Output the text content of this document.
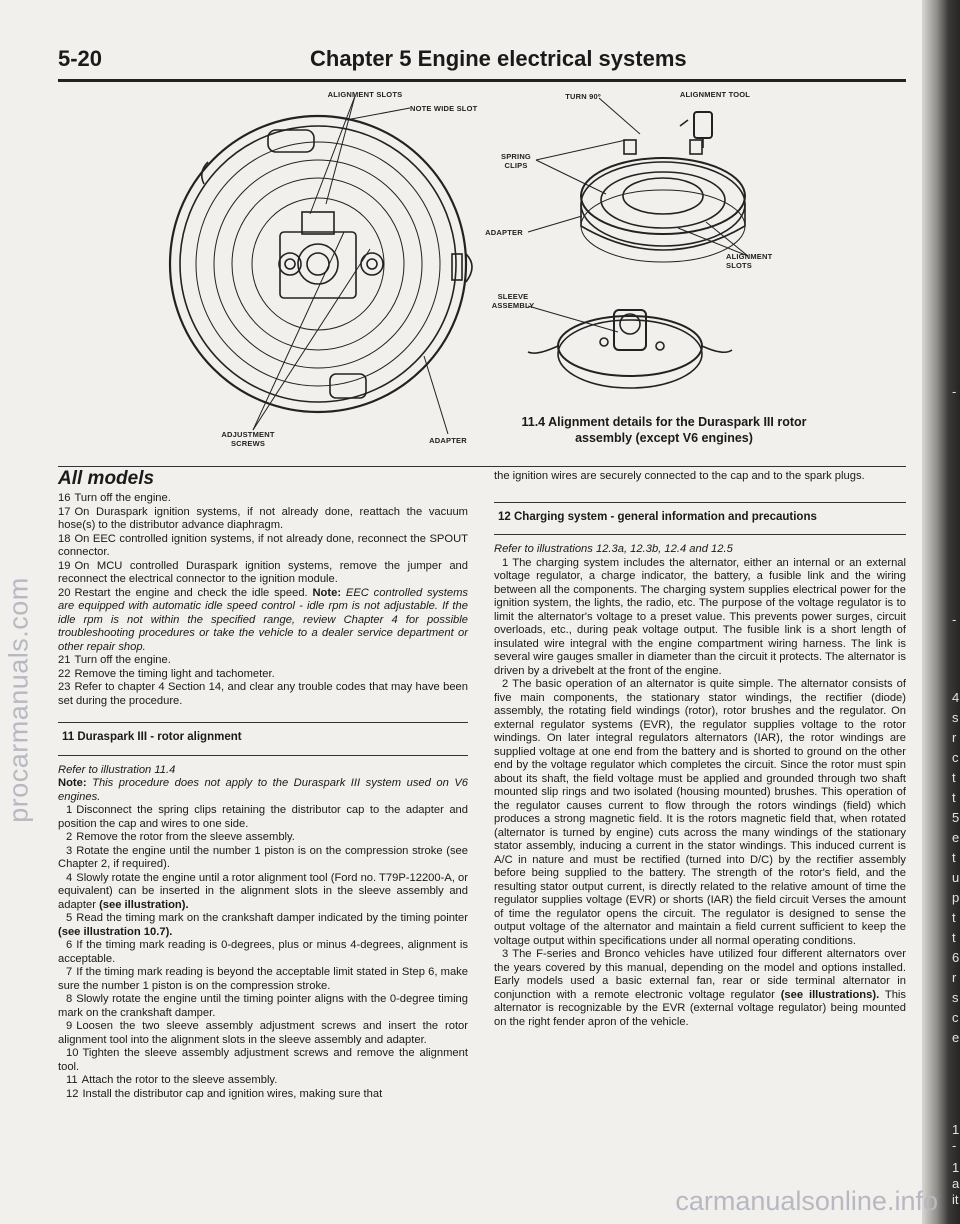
-
-
4
s
r
c
t
t
5
e
t
u
p
t
t
6
r
s
c
e
1
-
1
a
it
procarmanuals.com
carmanualsonline.info
5-20	Chapter 5 Engine electrical systems
ALIGNMENT SLOTS
NOTE WIDE SLOT
ADJUSTMENT
SCREWS	ADAPTER
TURN 90º	ALIGNMENT TOOL
SPRING
CLIPS
ADAPTER
ALIGNMENT
SLOTS
SLEEVE
ASSEMBLY
11.4 Alignment details for the Duraspark III rotor
assembly (except V6 engines)
All models

16 Turn off the engine.

17 On Duraspark ignition systems, if not already done, reattach the vacuum hose(s) to the distributor advance diaphragm.

18 On EEC controlled ignition systems, if not already done, reconnect the SPOUT connector.

19 On MCU controlled Duraspark ignition systems, remove the jumper and reconnect the electrical connector to the ignition module.

20 Restart the engine and check the idle speed. Note: EEC controlled systems are equipped with automatic idle speed control - idle rpm is not adjustable. If the idle rpm is not within the specified range, review Chapter 4 for possible troubleshooting procedures or take the vehicle to a dealer service department or other repair shop.

21 Turn off the engine.

22 Remove the timing light and tachometer.

23 Refer to chapter 4 Section 14, and clear any trouble codes that may have been set during the procedure.

11 Duraspark III - rotor alignment

Refer to illustration 11.4

Note: This procedure does not apply to the Duraspark III system used on V6 engines.

1 Disconnect the spring clips retaining the distributor cap to the adapter and position the cap and wires to one side.

2 Remove the rotor from the sleeve assembly.

3 Rotate the engine until the number 1 piston is on the compression stroke (see Chapter 2, if required).

4 Slowly rotate the engine until a rotor alignment tool (Ford no. T79P-12200-A, or equivalent) can be inserted in the alignment slots in the sleeve assembly and adapter (see illustration).

5 Read the timing mark on the crankshaft damper indicated by the timing pointer (see illustration 10.7).

6 If the timing mark reading is 0-degrees, plus or minus 4-degrees, alignment is acceptable.

7 If the timing mark reading is beyond the acceptable limit stated in Step 6, make sure the number 1 piston is on the compression stroke.

8 Slowly rotate the engine until the timing pointer aligns with the 0-degree timing mark on the crankshaft damper.

9 Loosen the two sleeve assembly adjustment screws and insert the rotor alignment tool into the alignment slots in the sleeve assembly and adapter.

10 Tighten the sleeve assembly adjustment screws and remove the alignment tool.

11 Attach the rotor to the sleeve assembly.

12 Install the distributor cap and ignition wires, making sure that

the ignition wires are securely connected to the cap and to the spark plugs.

12 Charging system - general information and precautions

Refer to illustrations 12.3a, 12.3b, 12.4 and 12.5

1 The charging system includes the alternator, either an internal or an external voltage regulator, a charge indicator, the battery, a fusible link and the wiring between all the components. The charging system supplies electrical power for the ignition system, the lights, the radio, etc. The purpose of the voltage regulator is to limit the alternator's voltage to a preset value. This prevents power surges, circuit overloads, etc., during peak voltage output. The fusible link is a short length of insulated wire integral with the engine compartment wiring harness. The link is several wire gauges smaller in diameter than the circuit it protects. The alternator is driven by a drivebelt at the front of the engine.

2 The basic operation of an alternator is quite simple. The alternator consists of five main components, the stationary stator windings, the rectifier (diode) assembly, the rotating field windings (rotor), rotor brushes and the regulator. On external regulator systems (EVR), the regulator supplies voltage to the rotor windings. On later integral regulators alternators (IAR), the rotor windings are supplied voltage at one end from the battery and is shorted to ground on the other end by the voltage regulator which completes the circuit. Since the rotor must spin about its shaft, the field voltage must be applied and grounded through two shaft mounted slip rings and two isolated (housing mounted) brushes. This operation of the regulator causes current to flow through the rotors windings (field) which produces a strong magnetic field. It is the rotors magnetic field that, when rotated (alternator is turned by engine) cuts across the many windings of the stationary stator assembly, inducing a current in the stator windings. This induced current is A/C in nature and must be rectified (turned into D/C) by the rectifier assembly before being supplied to the battery. The strength of the rotor's field, and the resulting stator output current, is directly related to the relative amount of time the regulator supplies voltage (EVR) or shorts (IAR) the field circuit Verses the amount of time the regulator opens the circuit. The regulator is designed to sense the output voltage of the alternator and maintain a field current sufficient to keep the voltage output within specifications under all normal operating conditions.

3 The F-series and Bronco vehicles have utilized four different alternators over the years covered by this manual, depending on the model and options installed. Early models used a basic external fan, rear or side terminal alternator in conjunction with a remote electronic voltage regulator (see illustrations). This alternator is recognizable by the EVR (external voltage regulator) being mounted on the right fender apron of the vehicle.
